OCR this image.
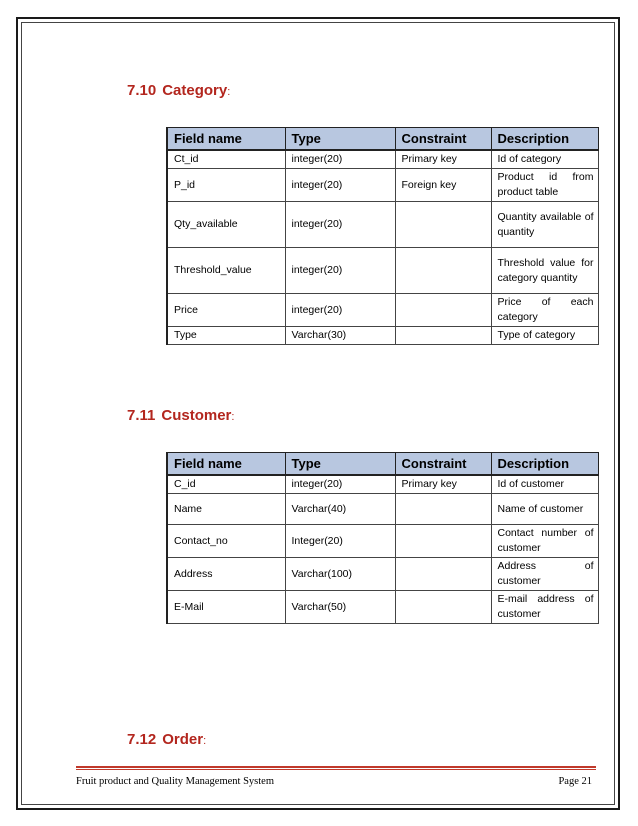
7.10 Category:
Field name	Type	Constraint	Description
Ct_id	integer(20)	Primary key	Id of category
P_id	integer(20)	Foreign key	Product id from product table
Qty_available	integer(20)		Quantity available of quantity
Threshold_value	integer(20)		Threshold value for category quantity
Price	integer(20)		Price of each category
Type	Varchar(30)		Type of category
7.11 Customer:
Field name	Type	Constraint	Description
C_id	integer(20)	Primary key	Id of customer
Name	Varchar(40)		Name of customer
Contact_no	Integer(20)		Contact number of customer
Address	Varchar(100)		Address of customer
E-Mail	Varchar(50)		E-mail address of customer
7.12 Order:
Fruit product and Quality Management System	Page 21
